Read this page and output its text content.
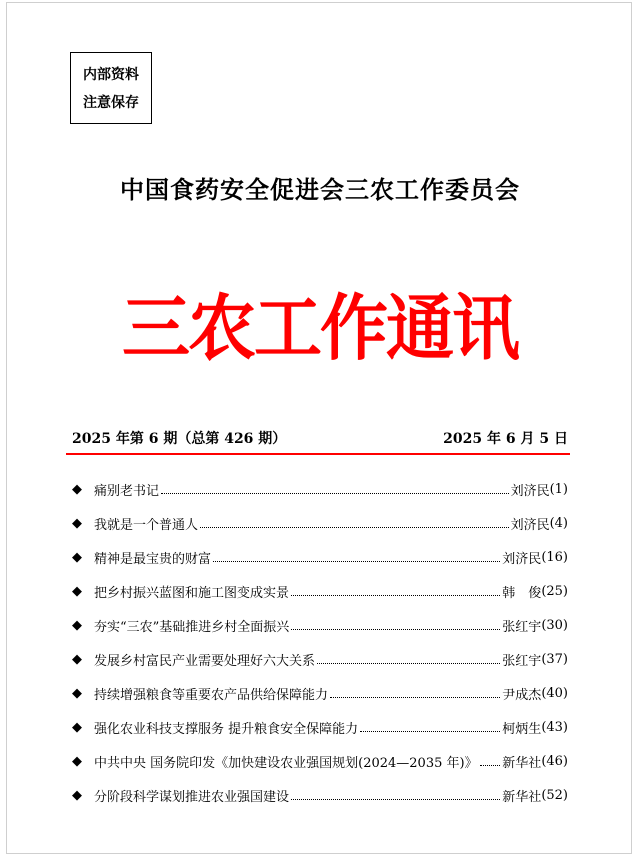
内部资料
注意保存
中国食药安全促进会三农工作委员会
三农工作通讯
2025 年第 6 期（总第 426 期）	2025 年 6 月 5 日
◆ 痛别老书记	刘济民 (1)
◆ 我就是一个普通人	刘济民 (4)
◆ 精神是最宝贵的财富	刘济民 (16)
◆ 把乡村振兴蓝图和施工图变成实景	韩　俊 (25)
◆ 夯实“三农”基础推进乡村全面振兴	张红宇 (30)
◆ 发展乡村富民产业需要处理好六大关系	张红宇 (37)
◆ 持续增强粮食等重要农产品供给保障能力	尹成杰 (40)
◆ 强化农业科技支撑服务 提升粮食安全保障能力	柯炳生 (43)
◆ 中共中央 国务院印发《加快建设农业强国规划(2024—2035 年)》 新华社 (46)
◆ 分阶段科学谋划推进农业强国建设	新华社 (52)
